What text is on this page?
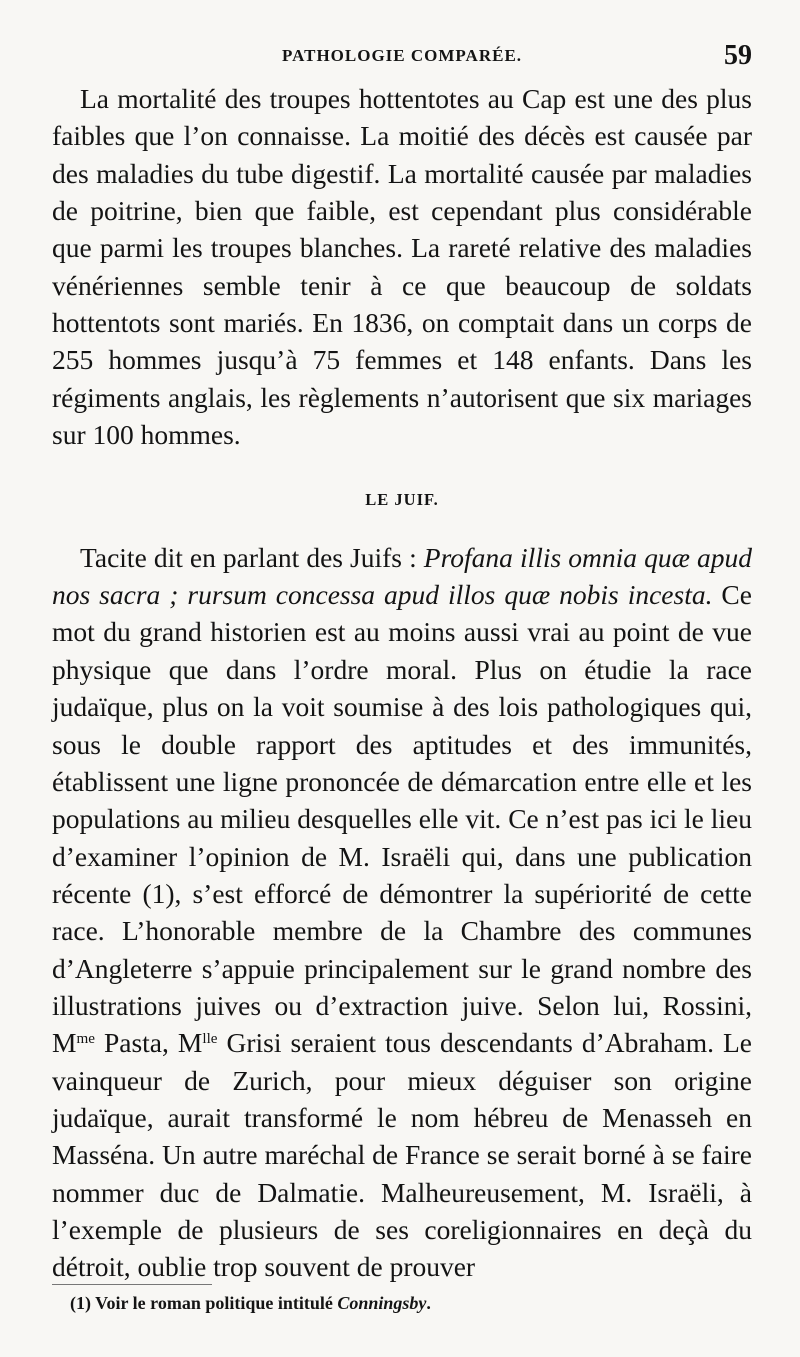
PATHOLOGIE COMPARÉE.	59

La mortalité des troupes hottentotes au Cap est une des plus faibles que l’on connaisse. La moitié des décès est causée par des maladies du tube digestif. La mortalité causée par maladies de poitrine, bien que faible, est cependant plus considérable que parmi les troupes blanches. La rareté relative des maladies vénériennes semble tenir à ce que beaucoup de soldats hottentots sont mariés. En 1836, on comptait dans un corps de 255 hommes jusqu’à 75 femmes et 148 enfants. Dans les régiments anglais, les règlements n’autorisent que six mariages sur 100 hommes.

LE JUIF.

Tacite dit en parlant des Juifs : Profana illis omnia quæ apud nos sacra ; rursum concessa apud illos quæ nobis incesta. Ce mot du grand historien est au moins aussi vrai au point de vue physique que dans l’ordre moral. Plus on étudie la race judaïque, plus on la voit soumise à des lois pathologiques qui, sous le double rapport des aptitudes et des immunités, établissent une ligne prononcée de démarcation entre elle et les populations au milieu desquelles elle vit. Ce n’est pas ici le lieu d’examiner l’opinion de M. Israëli qui, dans une publication récente (1), s’est efforcé de démontrer la supériorité de cette race. L’honorable membre de la Chambre des communes d’Angleterre s’appuie principalement sur le grand nombre des illustrations juives ou d’extraction juive. Selon lui, Rossini, $M^{me}$ Pasta, $M^{lle}$ Grisi seraient tous descendants d’Abraham. Le vainqueur de Zurich, pour mieux déguiser son origine judaïque, aurait transformé le nom hébreu de Menasseh en Masséna. Un autre maréchal de France se serait borné à se faire nommer duc de Dalmatie. Malheureusement, M. Israëli, à l’exemple de plusieurs de ses coreligionnaires en deçà du détroit, oublie trop souvent de prouver

(1) Voir le roman politique intitulé Conningsby.
